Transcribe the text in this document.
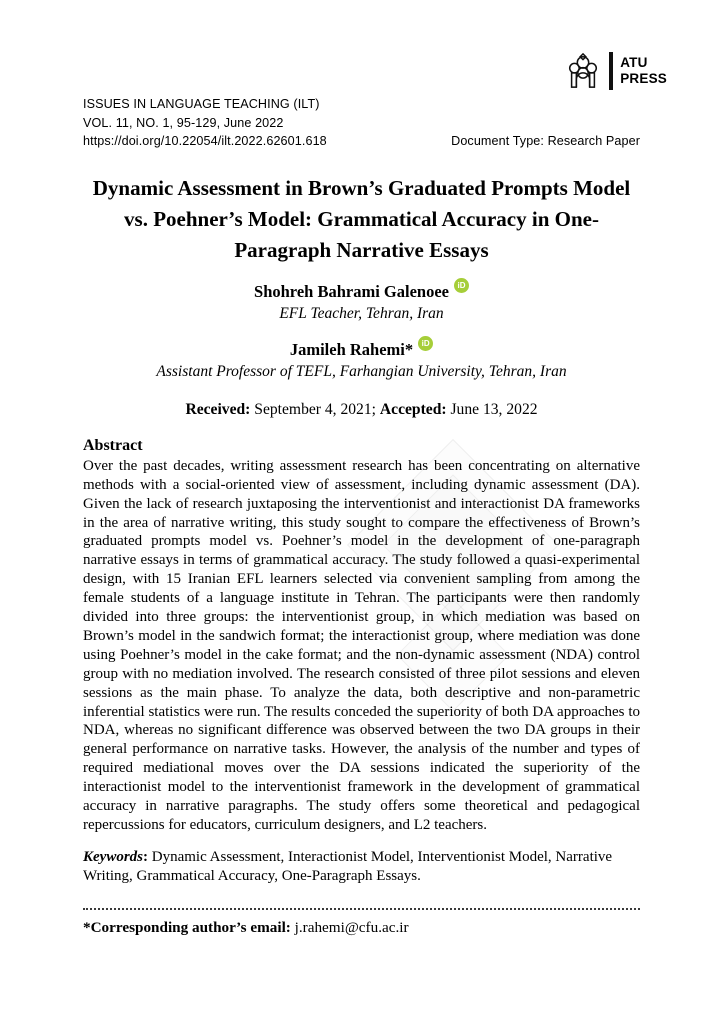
ATU
PRESS
ISSUES IN LANGUAGE TEACHING (ILT)
VOL. 11, NO. 1, 95-129, June 2022
https://doi.org/10.22054/ilt.2022.62601.618	Document Type: Research Paper
Dynamic Assessment in Brown’s Graduated Prompts Model vs. Poehner’s Model: Grammatical Accuracy in One-Paragraph Narrative Essays
Shohreh Bahrami Galenoee	iD
EFL Teacher, Tehran, Iran
Jamileh Rahemi*	iD
Assistant Professor of TEFL, Farhangian University, Tehran, Iran
Received: September 4, 2021; Accepted: June 13, 2022
Abstract
Over the past decades, writing assessment research has been concentrating on alternative methods with a social-oriented view of assessment, including dynamic assessment (DA). Given the lack of research juxtaposing the interventionist and interactionist DA frameworks in the area of narrative writing, this study sought to compare the effectiveness of Brown’s graduated prompts model vs. Poehner’s model in the development of one-paragraph narrative essays in terms of grammatical accuracy. The study followed a quasi-experimental design, with 15 Iranian EFL learners selected via convenient sampling from among the female students of a language institute in Tehran. The participants were then randomly divided into three groups: the interventionist group, in which mediation was based on Brown’s model in the sandwich format; the interactionist group, where mediation was done using Poehner’s model in the cake format; and the non-dynamic assessment (NDA) control group with no mediation involved. The research consisted of three pilot sessions and eleven sessions as the main phase. To analyze the data, both descriptive and non-parametric inferential statistics were run. The results conceded the superiority of both DA approaches to NDA, whereas no significant difference was observed between the two DA groups in their general performance on narrative tasks. However, the analysis of the number and types of required mediational moves over the DA sessions indicated the superiority of the interactionist model to the interventionist framework in the development of grammatical accuracy in narrative paragraphs. The study offers some theoretical and pedagogical repercussions for educators, curriculum designers, and L2 teachers.
Keywords: Dynamic Assessment, Interactionist Model, Interventionist Model, Narrative Writing, Grammatical Accuracy, One-Paragraph Essays.
*Corresponding author’s email: j.rahemi@cfu.ac.ir
